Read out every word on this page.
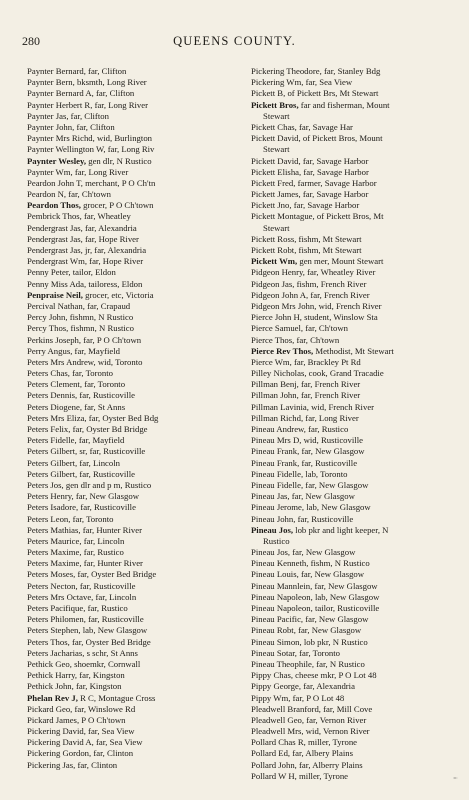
QUEENS COUNTY.
280
Paynter Bernard, far, Clifton
Paynter Bern, bksmth, Long River
Paynter Bernard A, far, Clifton
Paynter Herbert R, far, Long River
Paynter Jas, far, Clifton
Paynter John, far, Clifton
Paynter Mrs Richd, wid, Burlington
Paynter Wellington W, far, Long Riv
Paynter Wesley, gen dlr, N Rustico
Paynter Wm, far, Long River
Peardon John T, merchant, P O Ch'tn
Peardon N, far, Ch'town
Peardon Thos, grocer, P O Ch'town
Pembrick Thos, far, Wheatley
Pendergrast Jas, far, Alexandria
Pendergrast Jas, far, Hope River
Pendergrast Jas, jr, far, Alexandria
Pendergrast Wm, far, Hope River
Penny Peter, tailor, Eldon
Penny Miss Ada, tailoress, Eldon
Penpraise Neil, grocer, etc, Victoria
Percival Nathan, far, Crapaud
Percy John, fishmn, N Rustico
Percy Thos, fishmn, N Rustico
Perkins Joseph, far, P O Ch'town
Perry Angus, far, Mayfield
Peters Mrs Andrew, wid, Toronto
Peters Chas, far, Toronto
Peters Clement, far, Toronto
Peters Dennis, far, Rusticoville
Peters Diogene, far, St Anns
Peters Mrs Eliza, far, Oyster Bed Bdg
Peters Felix, far, Oyster Bd Bridge
Peters Fidelle, far, Mayfield
Peters Gilbert, sr, far, Rusticoville
Peters Gilbert, far, Lincoln
Peters Gilbert, far, Rusticoville
Peters Jos, gen dlr and p m, Rustico
Peters Henry, far, New Glasgow
Peters Isadore, far, Rusticoville
Peters Leon, far, Toronto
Peters Mathias, far, Hunter River
Peters Maurice, far, Lincoln
Peters Maxime, far, Rustico
Peters Maxime, far, Hunter River
Peters Moses, far, Oyster Bed Bridge
Peters Necton, far, Rusticoville
Peters Mrs Octave, far, Lincoln
Peters Pacifique, far, Rustico
Peters Philomen, far, Rusticoville
Peters Stephen, lab, New Glasgow
Peters Thos, far, Oyster Bed Bridge
Peters Jacharias, s schr, St Anns
Pethick Geo, shoemkr, Cornwall
Pethick Harry, far, Kingston
Pethick John, far, Kingston
Phelan Rev J, R C, Montague Cross
Pickard Geo, far, Winslowe Rd
Pickard James, P O Ch'town
Pickering David, far, Sea View
Pickering David A, far, Sea View
Pickering Gordon, far, Clinton
Pickering Jas, far, Clinton
Pickering Theodore, far, Stanley Bdg
Pickering Wm, far, Sea View
Pickett B, of Pickett Brs, Mt Stewart
Pickett Bros, far and fisherman, Mount
Stewart
Pickett Chas, far, Savage Har
Pickett David, of Pickett Bros, Mount
Stewart
Pickett David, far, Savage Harbor
Pickett Elisha, far, Savage Harbor
Pickett Fred, farmer, Savage Harbor
Pickett James, far, Savage Harbor
Pickett Jno, far, Savage Harbor
Pickett Montague, of Pickett Bros, Mt
Stewart
Pickett Ross, fishm, Mt Stewart
Pickett Robt, fishm, Mt Stewart
Pickett Wm, gen mer, Mount Stewart
Pidgeon Henry, far, Wheatley River
Pidgeon Jas, fishm, French River
Pidgeon John A, far, French River
Pidgeon Mrs John, wid, French River
Pierce John H, student, Winslow Sta
Pierce Samuel, far, Ch'town
Pierce Thos, far, Ch'town
Pierce Rev Thos, Methodist, Mt Stewart
Pierce Wm, far, Brackley Pt Rd
Pilley Nicholas, cook, Grand Tracadie
Pillman Benj, far, French River
Pillman John, far, French River
Pillman Lavinia, wid, French River
Pillman Richd, far, Long River
Pineau Andrew, far, Rustico
Pineau Mrs D, wid, Rusticoville
Pineau Frank, far, New Glasgow
Pineau Frank, far, Rusticoville
Pineau Fidelle, lab, Toronto
Pineau Fidelle, far, New Glasgow
Pineau Jas, far, New Glasgow
Pineau Jerome, lab, New Glasgow
Pineau John, far, Rusticoville
Pineau Jos, lob pkr and light keeper, N
Rustico
Pineau Jos, far, New Glasgow
Pineau Kenneth, fishm, N Rustico
Pineau Louis, far, New Glasgow
Pineau Mannlein, far, New Glasgow
Pineau Napoleon, lab, New Glasgow
Pineau Napoleon, tailor, Rusticoville
Pineau Pacific, far, New Glasgow
Pineau Robt, far, New Glasgow
Pineau Simon, lob pkr, N Rustico
Pineau Sotar, far, Toronto
Pineau Theophile, far, N Rustico
Pippy Chas, cheese mkr, P O Lot 48
Pippy George, far, Alexandria
Pippy Wm, far, P O Lot 48
Pleadwell Branford, far, Mill Cove
Pleadwell Geo, far, Vernon River
Pleadwell Mrs, wid, Vernon River
Pollard Chas R, miller, Tyrone
Pollard Ed, far, Albery Plains
Pollard John, far, Alberry Plains
Pollard W H, miller, Tyrone	ǂ
